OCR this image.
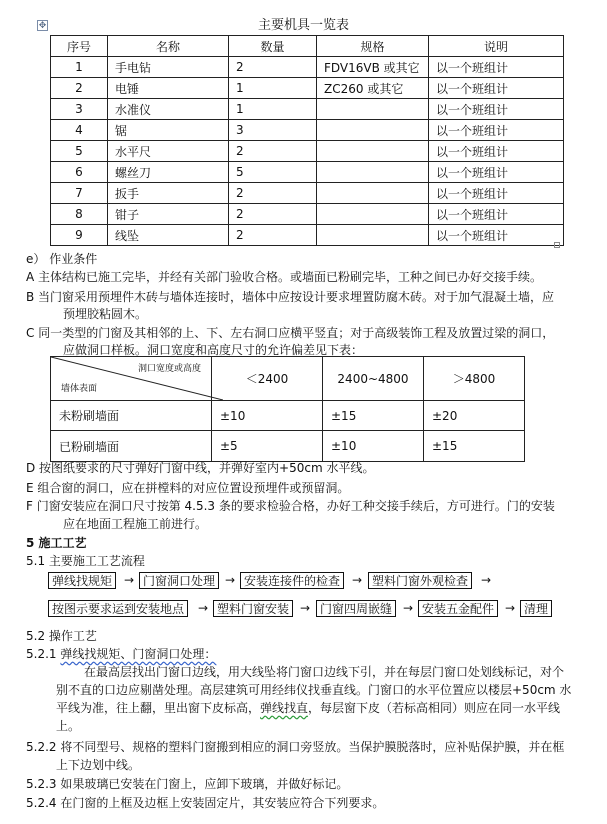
✥	主要机具一览表
序号	名称	数量	规格	说明
1	手电钻	2	FDV16VB 或其它	以一个班组计
2	电锤	1	ZC260 或其它	以一个班组计
3	水准仪	1		以一个班组计
4	锯	3		以一个班组计
5	水平尺	2		以一个班组计
6	螺丝刀	5		以一个班组计
7	扳手	2		以一个班组计
8	钳子	2		以一个班组计
9	线坠	2		以一个班组计
e） 作业条件
A 主体结构已施工完毕，并经有关部门验收合格。或墙面已粉刷完毕，工种之间已办好交接手续。
B 当门窗采用预埋件木砖与墙体连接时，墙体中应按设计要求埋置防腐木砖。对于加气混凝土墙，应
预埋胶粘圆木。
C 同一类型的门窗及其相邻的上、下、左右洞口应横平竖直；对于高级装饰工程及放置过梁的洞口，
应做洞口样板。洞口宽度和高度尺寸的允许偏差见下表：
洞口宽度或高度
墙体表面	＜2400	2400~4800	＞4800
未粉刷墙面	±10	±15	±20
已粉刷墙面	±5	±10	±15
D 按图纸要求的尺寸弹好门窗中线，并弹好室内+50cm 水平线。
E 组合窗的洞口，应在拼樘料的对应位置设预埋件或预留洞。
F 门窗安装应在洞口尺寸按第 4.5.3 条的要求检验合格，办好工种交接手续后，方可进行。门的安装
应在地面工程施工前进行。
5 施工工艺
5.1 主要施工工艺流程
弹线找规矩 → 门窗洞口处理 → 安装连接件的检查 → 塑料门窗外观检查	→
按图示要求运到安装地点	→ 塑料门窗安装 → 门窗四周嵌缝 → 安装五金配件 → 清理
5.2 操作工艺
5.2.1 弹线找规矩、门窗洞口处理：
在最高层找出门窗口边线，用大线坠将门窗口边线下引，并在每层门窗口处划线标记，对个
别不直的口边应剔凿处理。高层建筑可用经纬仪找垂直线。门窗口的水平位置应以楼层+50cm 水
平线为准，往上翻，里出窗下皮标高，弹线找直，每层窗下皮（若标高相同）则应在同一水平线
上。
5.2.2 将不同型号、规格的塑料门窗搬到相应的洞口旁竖放。当保护膜脱落时，应补贴保护膜，并在框
上下边划中线。
5.2.3 如果玻璃已安装在门窗上，应卸下玻璃，并做好标记。
5.2.4 在门窗的上框及边框上安装固定片，其安装应符合下列要求。
